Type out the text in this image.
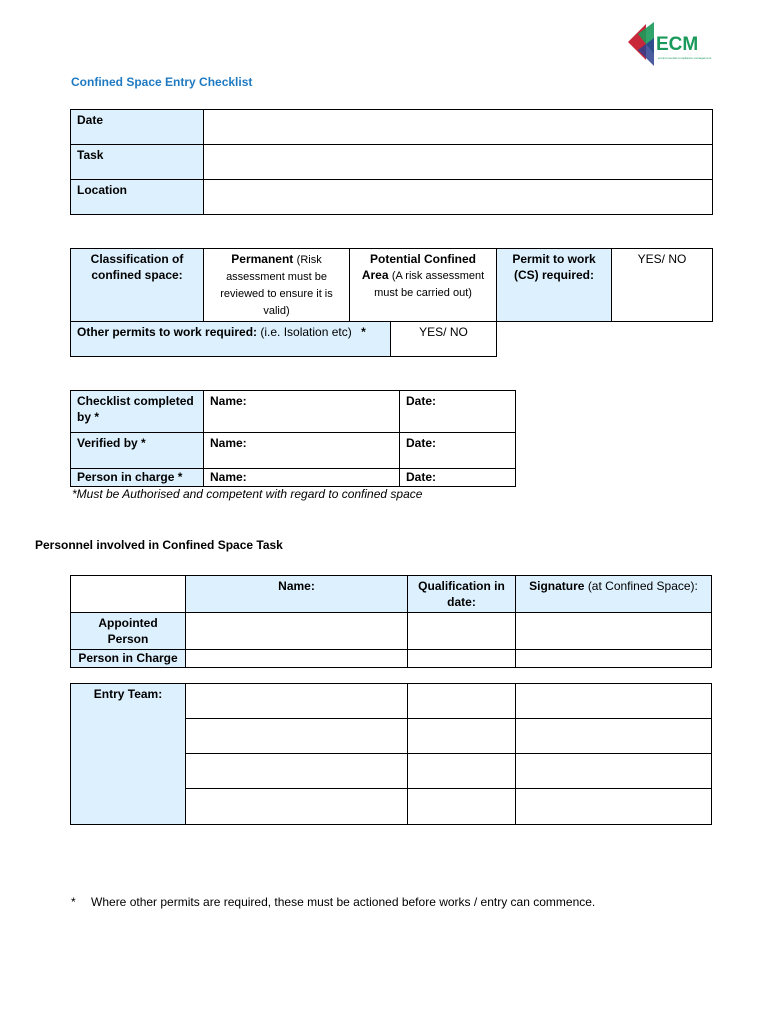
ECM
environmental compliance management
Confined Space Entry Checklist
Date	
Task	
Location	
Classification of confined space:	Permanent (Risk assessment must be reviewed to ensure it is valid)	Potential Confined Area (A risk assessment must be carried out)		Permit to work (CS) required:	YES/ NO
Other permits to work required: (i.e. Isolation etc) *			YES/ NO		
Checklist completed by *	Name:	Date:
Verified by *	Name:	Date:
Person in charge *	Name:	Date:
*Must be Authorised and competent with regard to confined space
Personnel involved in Confined Space Task
	Name:	Qualification in date:	Signature (at Confined Space):
Appointed Person			
Person in Charge			
Entry Team:			

* Where other permits are required, these must be actioned before works / entry can commence.
